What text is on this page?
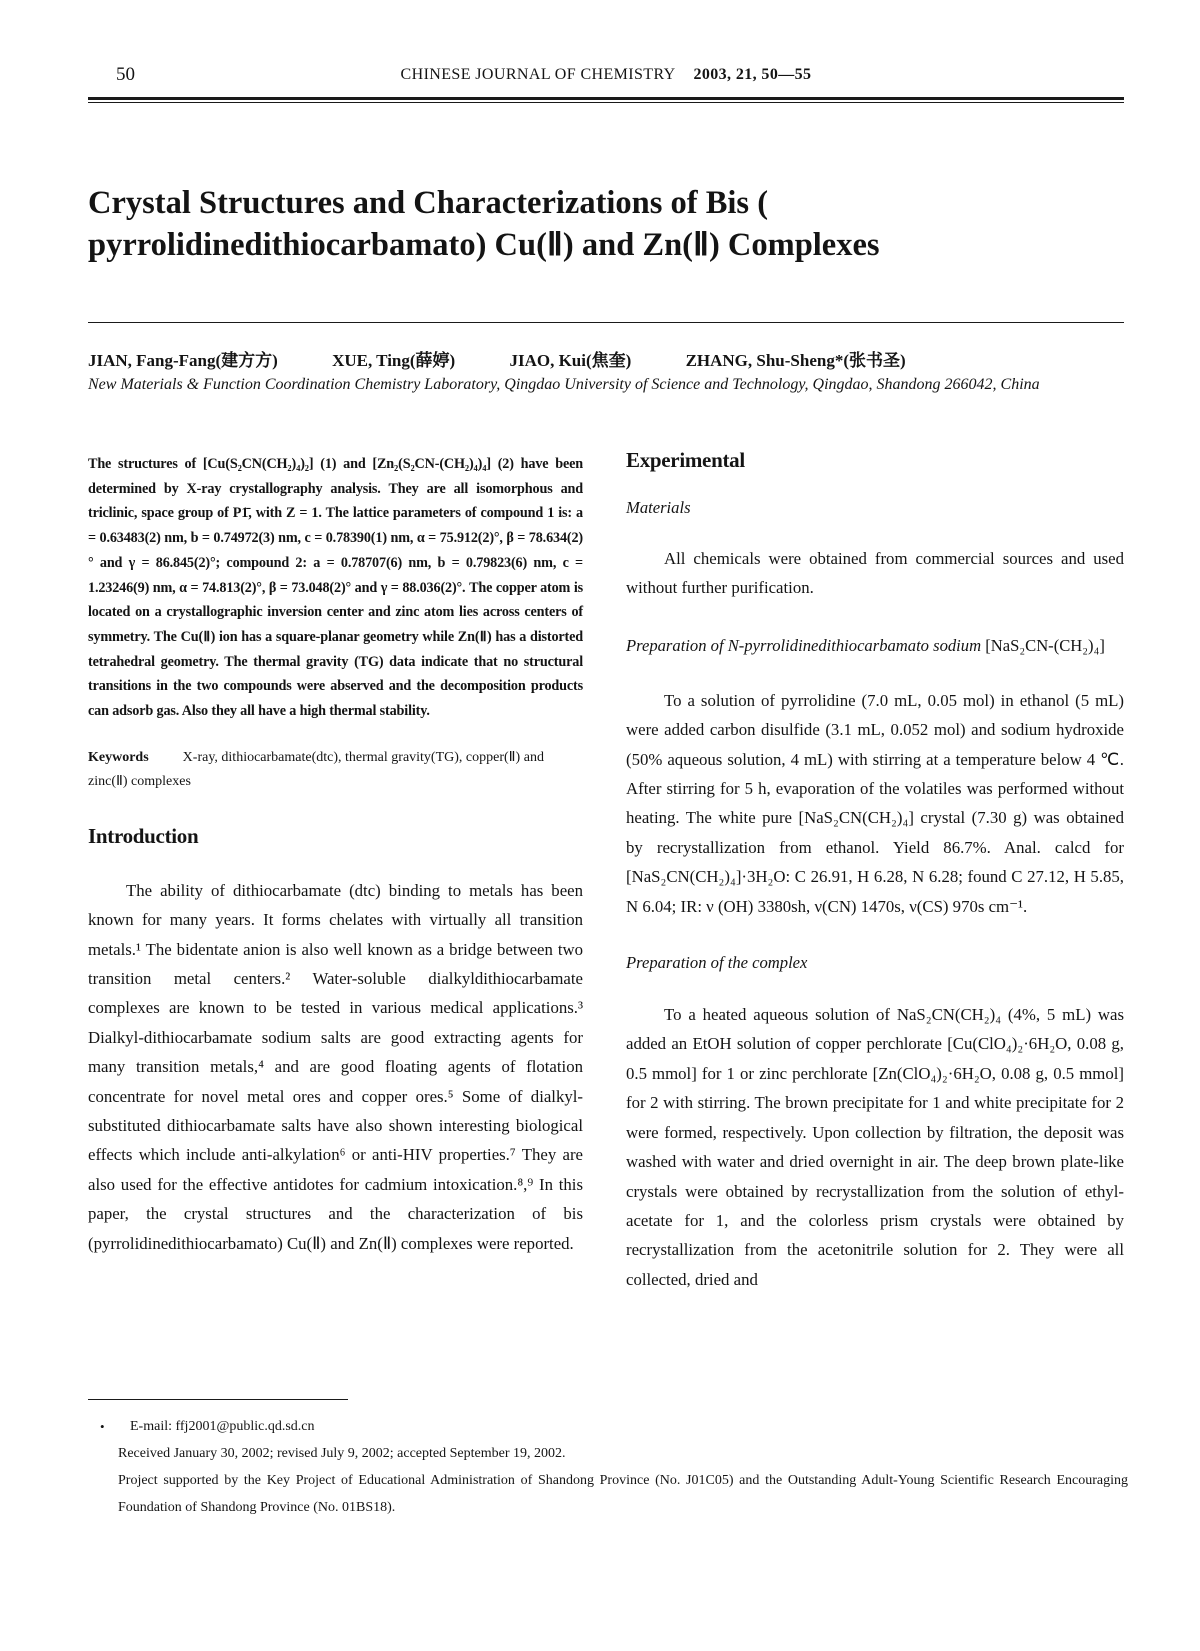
50	CHINESE JOURNAL OF CHEMISTRY 2003, 21, 50—55
Crystal Structures and Characterizations of Bis ( pyrrolidinedithiocarbamato) Cu(Ⅱ) and Zn(Ⅱ) Complexes
JIAN, Fang-Fang(建方方)	XUE, Ting(薛婷)	JIAO, Kui(焦奎)	ZHANG, Shu-Sheng*(张书圣)
New Materials & Function Coordination Chemistry Laboratory, Qingdao University of Science and Technology, Qingdao, Shandong 266042, China

The structures of [Cu(S₂CN(CH₂)₄)₂] (1) and [Zn₂(S₂CN-(CH₂)₄)₄] (2) have been determined by X-ray crystallography analysis. They are all isomorphous and triclinic, space group of P1̄, with Z = 1. The lattice parameters of compound 1 is: a = 0.63483(2) nm, b = 0.74972(3) nm, c = 0.78390(1) nm, α = 75.912(2)°, β = 78.634(2)° and γ = 86.845(2)°; compound 2: a = 0.78707(6) nm, b = 0.79823(6) nm, c = 1.23246(9) nm, α = 74.813(2)°, β = 73.048(2)° and γ = 88.036(2)°. The copper atom is located on a crystallographic inversion center and zinc atom lies across centers of symmetry. The Cu(Ⅱ) ion has a square-planar geometry while Zn(Ⅱ) has a distorted tetrahedral geometry. The thermal gravity (TG) data indicate that no structural transitions in the two compounds were abserved and the decomposition products can adsorb gas. Also they all have a high thermal stability.

Keywords X-ray, dithiocarbamate(dtc), thermal gravity(TG), copper(Ⅱ) and zinc(Ⅱ) complexes

Introduction

The ability of dithiocarbamate (dtc) binding to metals has been known for many years. It forms chelates with virtually all transition metals.¹ The bidentate anion is also well known as a bridge between two transition metal centers.² Water-soluble dialkyldithiocarbamate complexes are known to be tested in various medical applications.³ Dialkyl-dithiocarbamate sodium salts are good extracting agents for many transition metals,⁴ and are good floating agents of flotation concentrate for novel metal ores and copper ores.⁵ Some of dialkyl-substituted dithiocarbamate salts have also shown interesting biological effects which include anti-alkylation⁶ or anti-HIV properties.⁷ They are also used for the effective antidotes for cadmium intoxication.⁸,⁹ In this paper, the crystal structures and the characterization of bis (pyrrolidinedithiocarbamato) Cu(Ⅱ) and Zn(Ⅱ) complexes were reported.

Experimental

Materials

All chemicals were obtained from commercial sources and used without further purification.

Preparation of N-pyrrolidinedithiocarbamato sodium [NaS₂CN-(CH₂)₄]

To a solution of pyrrolidine (7.0 mL, 0.05 mol) in ethanol (5 mL) were added carbon disulfide (3.1 mL, 0.052 mol) and sodium hydroxide (50% aqueous solution, 4 mL) with stirring at a temperature below 4 ℃. After stirring for 5 h, evaporation of the volatiles was performed without heating. The white pure [NaS₂CN(CH₂)₄] crystal (7.30 g) was obtained by recrystallization from ethanol. Yield 86.7%. Anal. calcd for [NaS₂CN(CH₂)₄]·3H₂O: C 26.91, H 6.28, N 6.28; found C 27.12, H 5.85, N 6.04; IR: ν (OH) 3380sh, ν(CN) 1470s, ν(CS) 970s cm⁻¹.

Preparation of the complex

To a heated aqueous solution of NaS₂CN(CH₂)₄ (4%, 5 mL) was added an EtOH solution of copper perchlorate [Cu(ClO₄)₂·6H₂O, 0.08 g, 0.5 mmol] for 1 or zinc perchlorate [Zn(ClO₄)₂·6H₂O, 0.08 g, 0.5 mmol] for 2 with stirring. The brown precipitate for 1 and white precipitate for 2 were formed, respectively. Upon collection by filtration, the deposit was washed with water and dried overnight in air. The deep brown plate-like crystals were obtained by recrystallization from the solution of ethyl-acetate for 1, and the colorless prism crystals were obtained by recrystallization from the acetonitrile solution for 2. They were all collected, dried and

• E-mail: ffj2001@public.qd.sd.cn
Received January 30, 2002; revised July 9, 2002; accepted September 19, 2002.
Project supported by the Key Project of Educational Administration of Shandong Province (No. J01C05) and the Outstanding Adult-Young Scientific Research Encouraging Foundation of Shandong Province (No. 01BS18).
